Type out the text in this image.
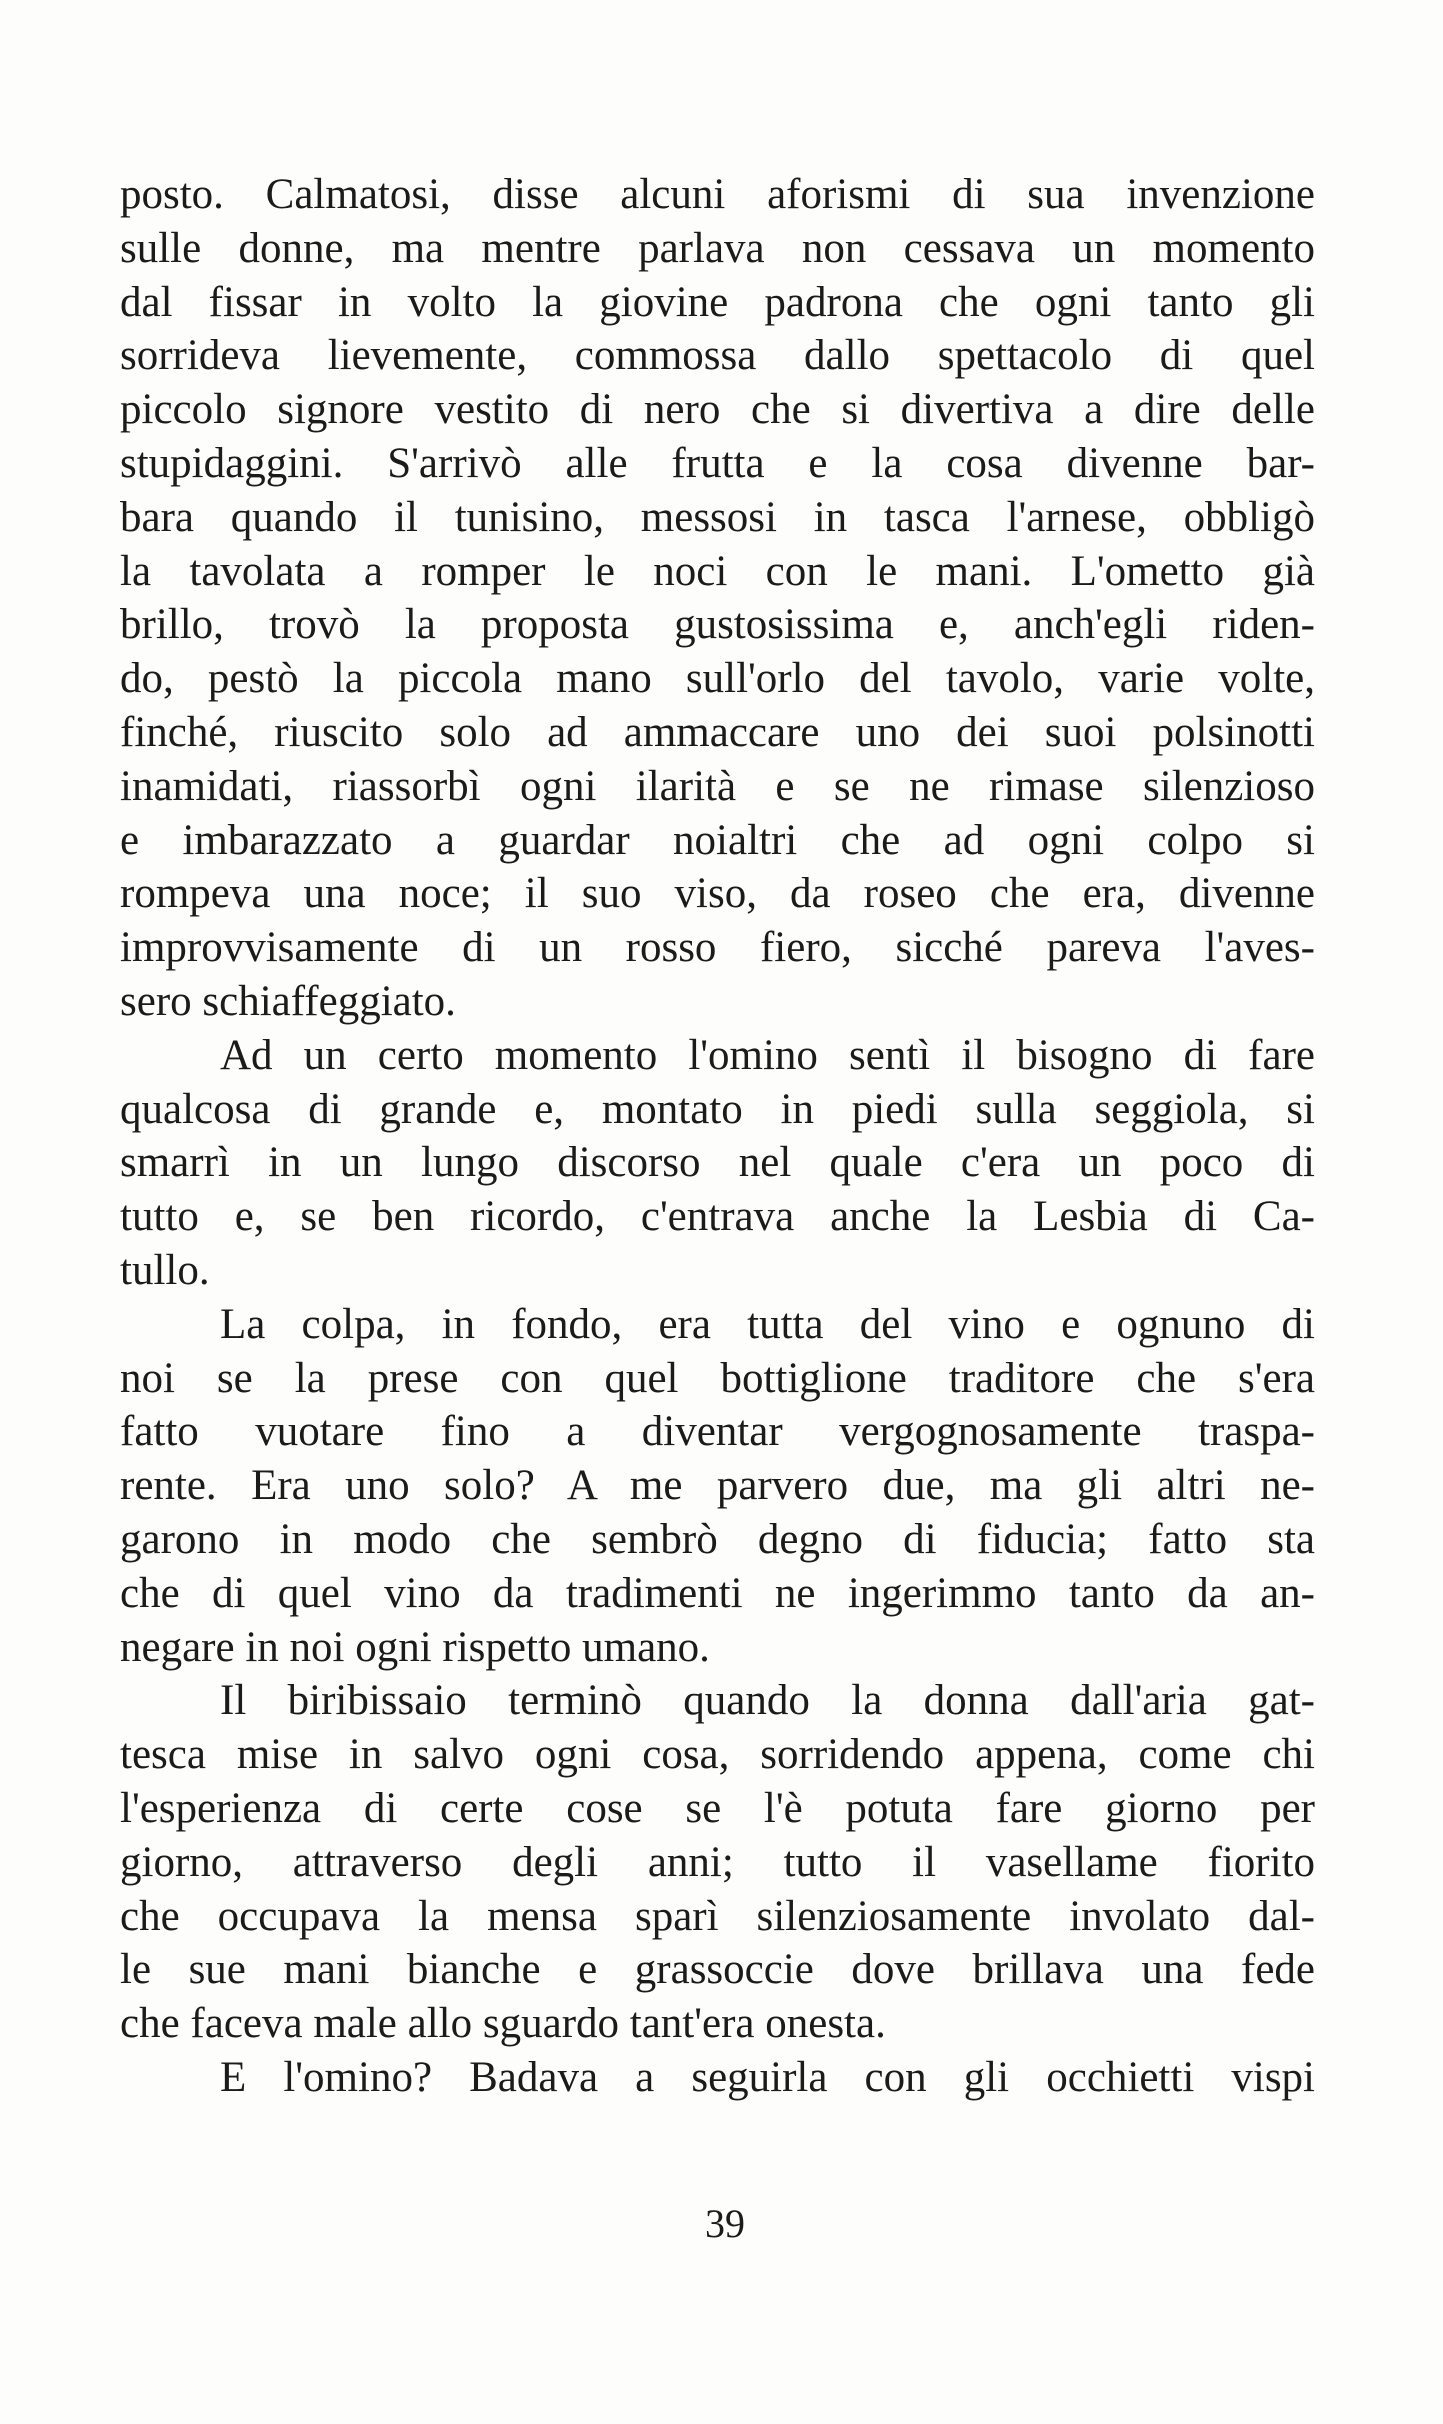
posto. Calmatosi, disse alcuni aforismi di sua invenzione
sulle donne, ma mentre parlava non cessava un momento
dal fissar in volto la giovine padrona che ogni tanto gli
sorrideva lievemente, commossa dallo spettacolo di quel
piccolo signore vestito di nero che si divertiva a dire delle
stupidaggini. S'arrivò alle frutta e la cosa divenne bar-
bara quando il tunisino, messosi in tasca l'arnese, obbligò
la tavolata a romper le noci con le mani. L'ometto già
brillo, trovò la proposta gustosissima e, anch'egli riden-
do, pestò la piccola mano sull'orlo del tavolo, varie volte,
finché, riuscito solo ad ammaccare uno dei suoi polsinotti
inamidati, riassorbì ogni ilarità e se ne rimase silenzioso
e imbarazzato a guardar noialtri che ad ogni colpo si
rompeva una noce; il suo viso, da roseo che era, divenne
improvvisamente di un rosso fiero, sicché pareva l'aves-
sero schiaffeggiato.
Ad un certo momento l'omino sentì il bisogno di fare
qualcosa di grande e, montato in piedi sulla seggiola, si
smarrì in un lungo discorso nel quale c'era un poco di
tutto e, se ben ricordo, c'entrava anche la Lesbia di Ca-
tullo.
La colpa, in fondo, era tutta del vino e ognuno di
noi se la prese con quel bottiglione traditore che s'era
fatto vuotare fino a diventar vergognosamente traspa-
rente. Era uno solo? A me parvero due, ma gli altri ne-
garono in modo che sembrò degno di fiducia; fatto sta
che di quel vino da tradimenti ne ingerimmo tanto da an-
negare in noi ogni rispetto umano.
Il biribissaio terminò quando la donna dall'aria gat-
tesca mise in salvo ogni cosa, sorridendo appena, come chi
l'esperienza di certe cose se l'è potuta fare giorno per
giorno, attraverso degli anni; tutto il vasellame fiorito
che occupava la mensa sparì silenziosamente involato dal-
le sue mani bianche e grassoccie dove brillava una fede
che faceva male allo sguardo tant'era onesta.
E l'omino? Badava a seguirla con gli occhietti vispi
39
